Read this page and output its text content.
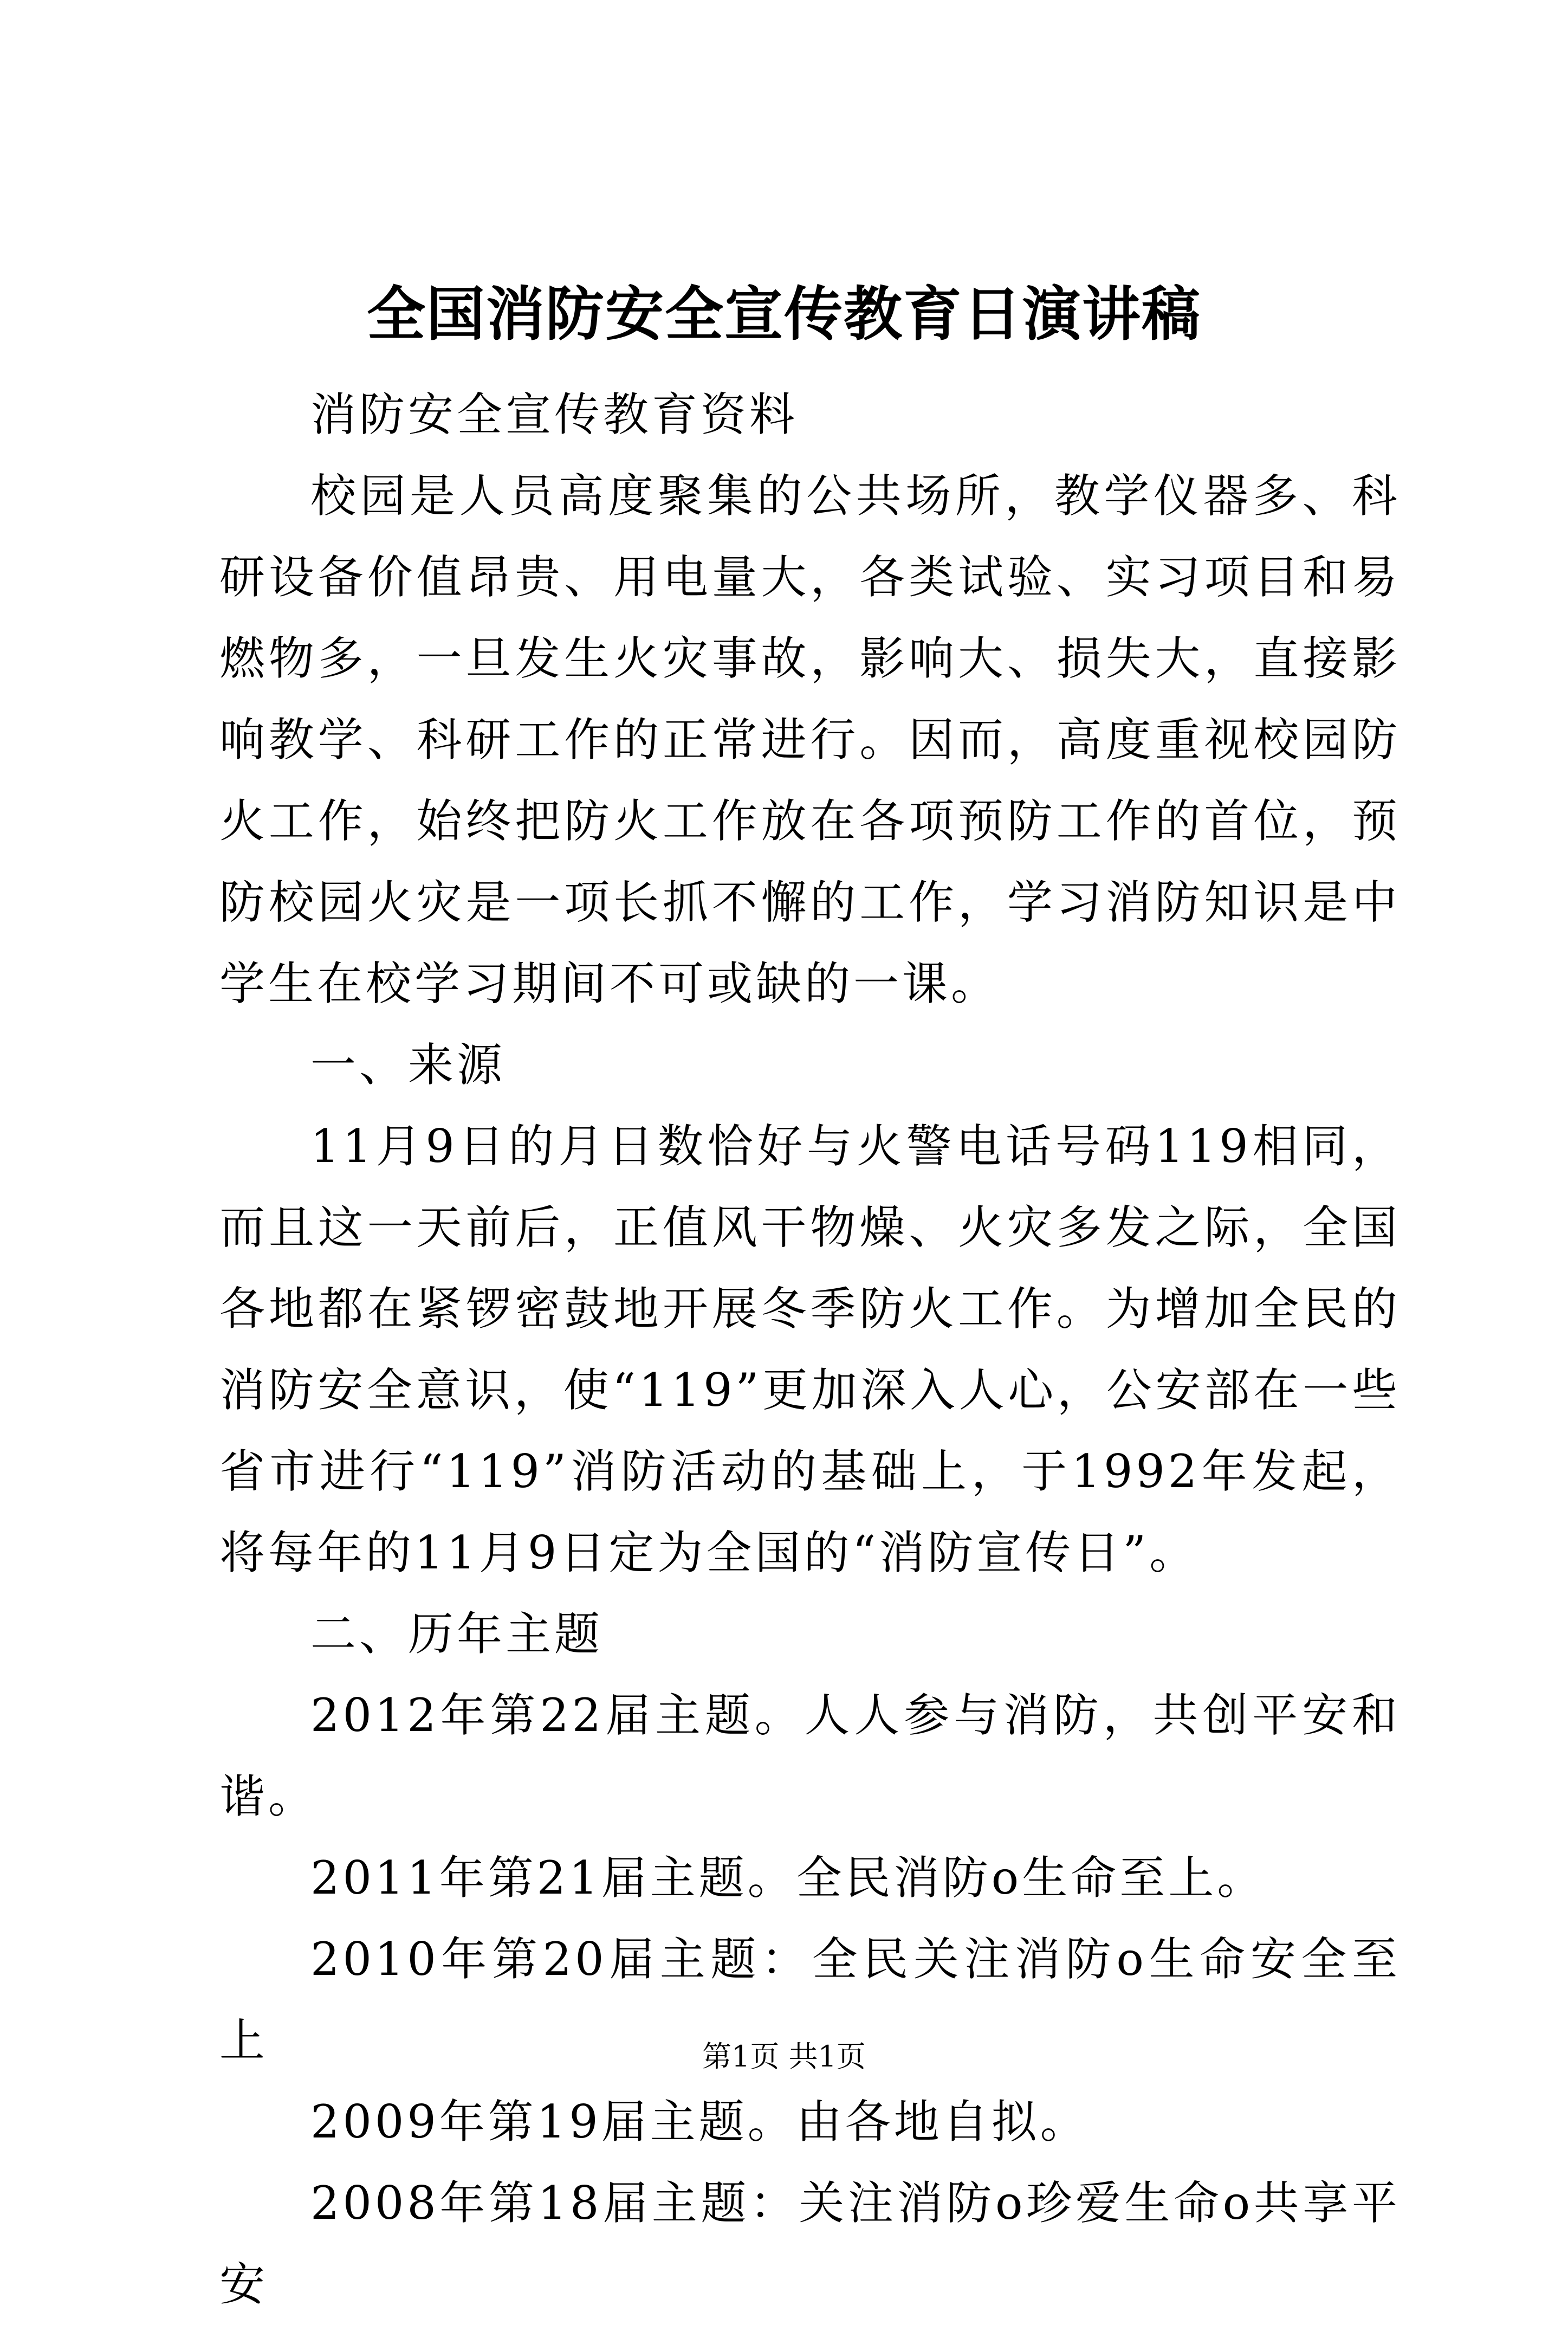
全国消防安全宣传教育日演讲稿

消防安全宣传教育资料

校园是人员高度聚集的公共场所，教学仪器多、科研设备价值昂贵、用电量大，各类试验、实习项目和易燃物多，一旦发生火灾事故，影响大、损失大，直接影响教学、科研工作的正常进行。因而，高度重视校园防火工作，始终把防火工作放在各项预防工作的首位，预防校园火灾是一项长抓不懈的工作，学习消防知识是中学生在校学习期间不可或缺的一课。

一、来源

11月9日的月日数恰好与火警电话号码119相同，而且这一天前后，正值风干物燥、火灾多发之际，全国各地都在紧锣密鼓地开展冬季防火工作。为增加全民的消防安全意识，使“119”更加深入人心，公安部在一些省市进行“119”消防活动的基础上，于1992年发起，将每年的11月9日定为全国的“消防宣传日”。

二、历年主题

2012年第22届主题。人人参与消防，共创平安和谐。

2011年第21届主题。全民消防ο生命至上。

2010年第20届主题：全民关注消防ο生命安全至上

2009年第19届主题。由各地自拟。

2008年第18届主题：关注消防ο珍爱生命ο共享平安

第1页 共1页
